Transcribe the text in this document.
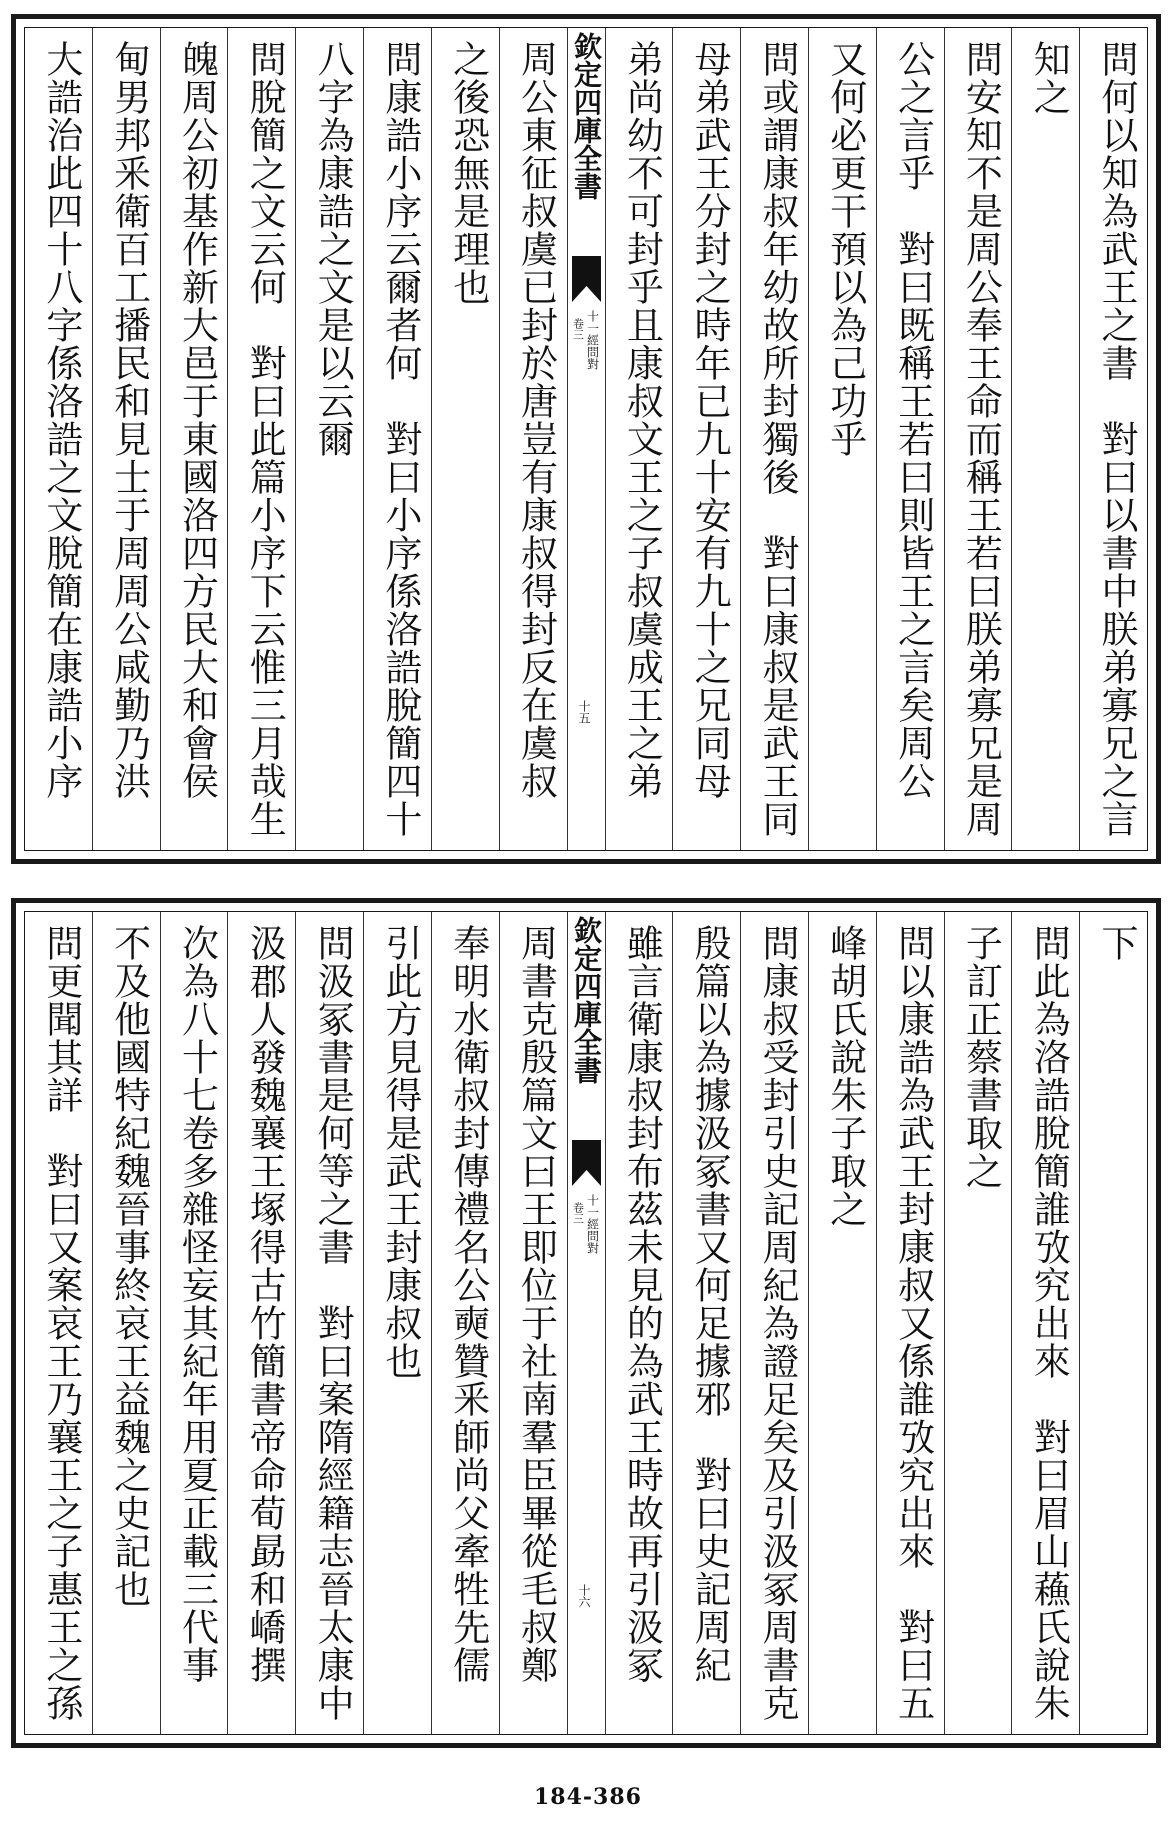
問何以知為武王之書　對曰以書中朕弟寡兄之言
知之
問安知不是周公奉王命而稱王若曰朕弟寡兄是周
公之言乎　對曰既稱王若曰則皆王之言矣周公
又何必更干預以為己功乎
問或謂康叔年幼故所封獨後　對曰康叔是武王同
母弟武王分封之時年已九十安有九十之兄同母
弟尚幼不可封乎且康叔文王之子叔虞成王之弟
欽定四庫全書
卷三 十一經問對
十五
周公東征叔虞已封於唐豈有康叔得封反在虞叔
之後恐無是理也
問康誥小序云爾者何　對曰小序係洛誥脫簡四十
八字為康誥之文是以云爾
問脫簡之文云何　對曰此篇小序下云惟三月哉生
魄周公初基作新大邑于東國洛四方民大和會侯
甸男邦釆衛百工播民和見士于周周公咸勤乃洪
大誥治此四十八字係洛誥之文脫簡在康誥小序
下
問此為洛誥脫簡誰攷究出來　對曰眉山蘓氏說朱
子訂正蔡書取之
問以康誥為武王封康叔又係誰攷究出來　對曰五
峰胡氏說朱子取之
問康叔受封引史記周紀為證足矣及引汲冢周書克
殷篇以為據汲冢書又何足據邪　對曰史記周紀
雖言衛康叔封布茲未見的為武王時故再引汲冢
欽定四庫全書
卷三 十一經問對
十六
周書克殷篇文曰王即位于社南羣臣畢從毛叔鄭
奉明水衛叔封傳禮名公奭贊釆師尚父牽牲先儒
引此方見得是武王封康叔也
問汲冢書是何等之書　對曰案隋經籍志晉太康中
汲郡人發魏襄王塚得古竹簡書帝命荀勗和嶠撰
次為八十七卷多雜怪妄其紀年用夏正載三代事
不及他國特紀魏晉事終哀王益魏之史記也
問更聞其詳　對曰又案哀王乃襄王之子惠王之孫
184-386
